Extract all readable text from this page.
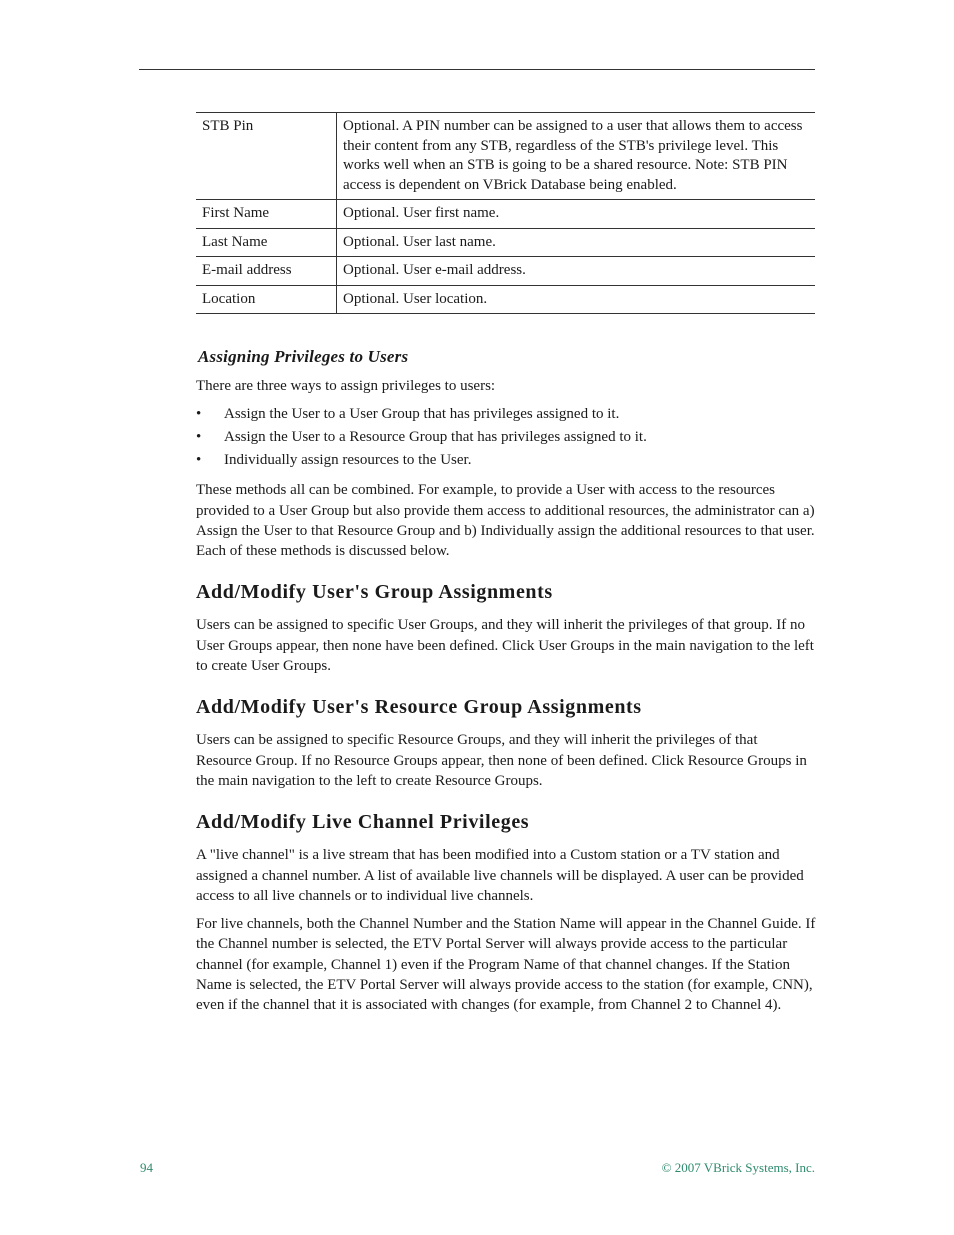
STB Pin	Optional. A PIN number can be assigned to a user that allows them to access their content from any STB, regardless of the STB's privilege level. This works well when an STB is going to be a shared resource. Note: STB PIN access is dependent on VBrick Database being enabled.
First Name	Optional. User first name.
Last Name	Optional. User last name.
E-mail address	Optional. User e-mail address.
Location	Optional. User location.
Assigning Privileges to Users

There are three ways to assign privileges to users:

• Assign the User to a User Group that has privileges assigned to it.
• Assign the User to a Resource Group that has privileges assigned to it.
• Individually assign resources to the User.

These methods all can be combined. For example, to provide a User with access to the resources provided to a User Group but also provide them access to additional resources, the administrator can a) Assign the User to that Resource Group and b) Individually assign the additional resources to that user. Each of these methods is discussed below.

Add/Modify User's Group Assignments

Users can be assigned to specific User Groups, and they will inherit the privileges of that group. If no User Groups appear, then none have been defined. Click User Groups in the main navigation to the left to create User Groups.

Add/Modify User's Resource Group Assignments

Users can be assigned to specific Resource Groups, and they will inherit the privileges of that Resource Group. If no Resource Groups appear, then none of been defined. Click Resource Groups in the main navigation to the left to create Resource Groups.

Add/Modify Live Channel Privileges

A "live channel" is a live stream that has been modified into a Custom station or a TV station and assigned a channel number. A list of available live channels will be displayed. A user can be provided access to all live channels or to individual live channels.

For live channels, both the Channel Number and the Station Name will appear in the Channel Guide. If the Channel number is selected, the ETV Portal Server will always provide access to the particular channel (for example, Channel 1) even if the Program Name of that channel changes. If the Station Name is selected, the ETV Portal Server will always provide access to the station (for example, CNN), even if the channel that it is associated with changes (for example, from Channel 2 to Channel 4).

94	© 2007 VBrick Systems, Inc.
